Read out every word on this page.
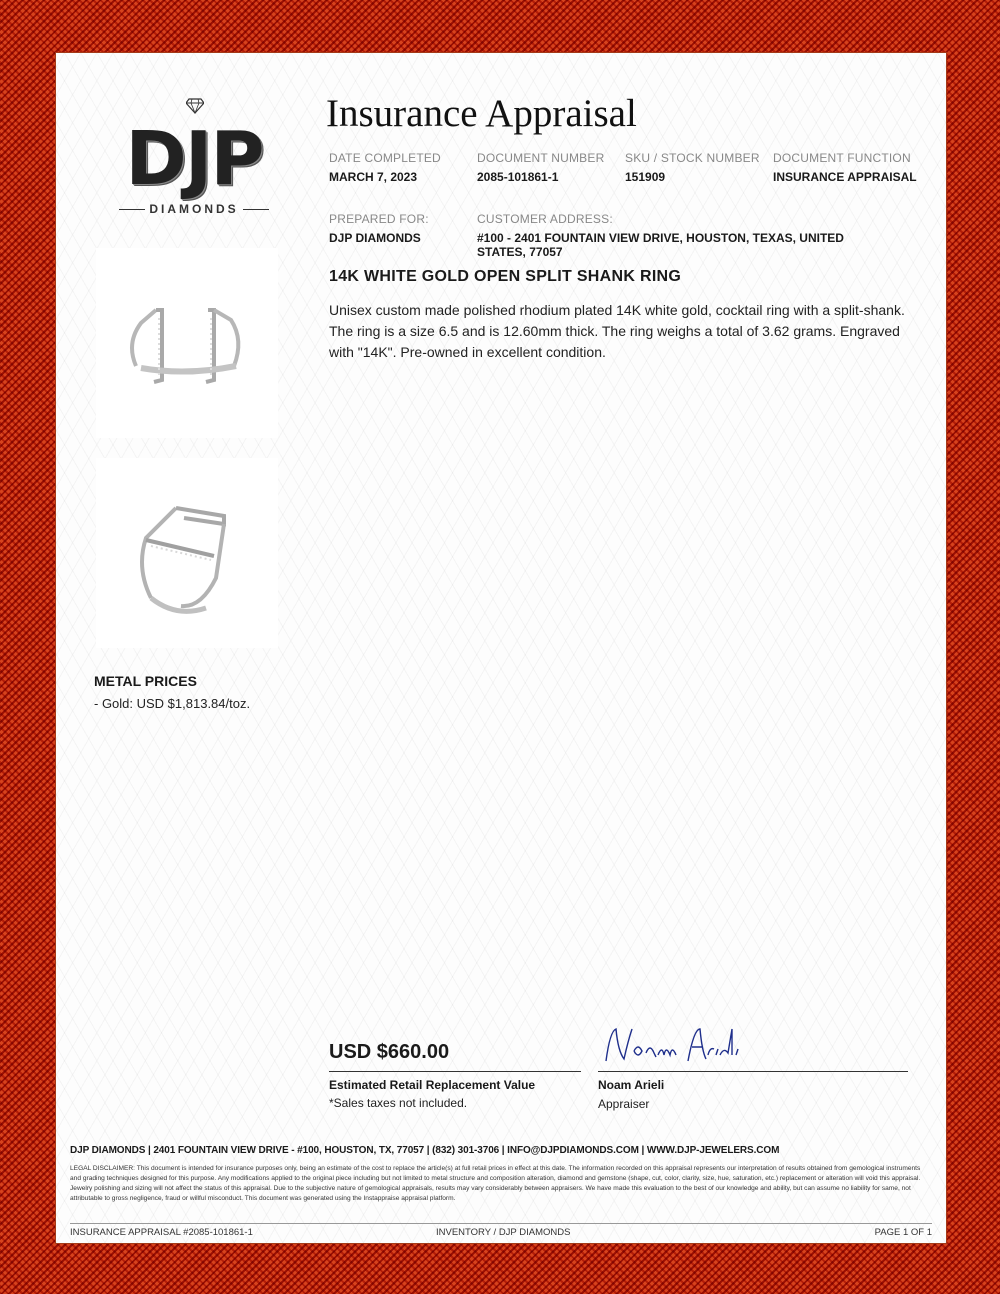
DJP
DIAMONDS
Insurance Appraisal
DATE COMPLETED
MARCH 7, 2023
DOCUMENT NUMBER
2085-101861-1
SKU / STOCK NUMBER
151909
DOCUMENT FUNCTION
INSURANCE APPRAISAL
PREPARED FOR:
DJP DIAMONDS
CUSTOMER ADDRESS:
#100 - 2401 FOUNTAIN VIEW DRIVE, HOUSTON, TEXAS, UNITED STATES, 77057
14K WHITE GOLD OPEN SPLIT SHANK RING
Unisex custom made polished rhodium plated 14K white gold, cocktail ring with a split-shank. The ring is a size 6.5 and is 12.60mm thick. The ring weighs a total of 3.62 grams. Engraved with "14K". Pre-owned in excellent condition.
METAL PRICES
- Gold: USD $1,813.84/toz.
USD $660.00
Estimated Retail Replacement Value
*Sales taxes not included.
Noam Arieli
Appraiser
DJP DIAMONDS | 2401 FOUNTAIN VIEW DRIVE - #100, HOUSTON, TX, 77057 | (832) 301-3706 | INFO@DJPDIAMONDS.COM | WWW.DJP-JEWELERS.COM
LEGAL DISCLAIMER: This document is intended for insurance purposes only, being an estimate of the cost to replace the article(s) at full retail prices in effect at this date. The information recorded on this appraisal represents our interpretation of results obtained from gemological instruments and grading techniques designed for this purpose. Any modifications applied to the original piece including but not limited to metal structure and composition alteration, diamond and gemstone (shape, cut, color, clarity, size, hue, saturation, etc.) replacement or alteration will void this appraisal. Jewelry polishing and sizing will not affect the status of this appraisal. Due to the subjective nature of gemological appraisals, results may vary considerably between appraisers. We have made this evaluation to the best of our knowledge and ability, but can assume no liability for same, not attributable to gross negligence, fraud or willful misconduct. This document was generated using the Instappraise appraisal platform.
INSURANCE APPRAISAL #2085-101861-1	INVENTORY / DJP DIAMONDS	PAGE 1 OF 1
